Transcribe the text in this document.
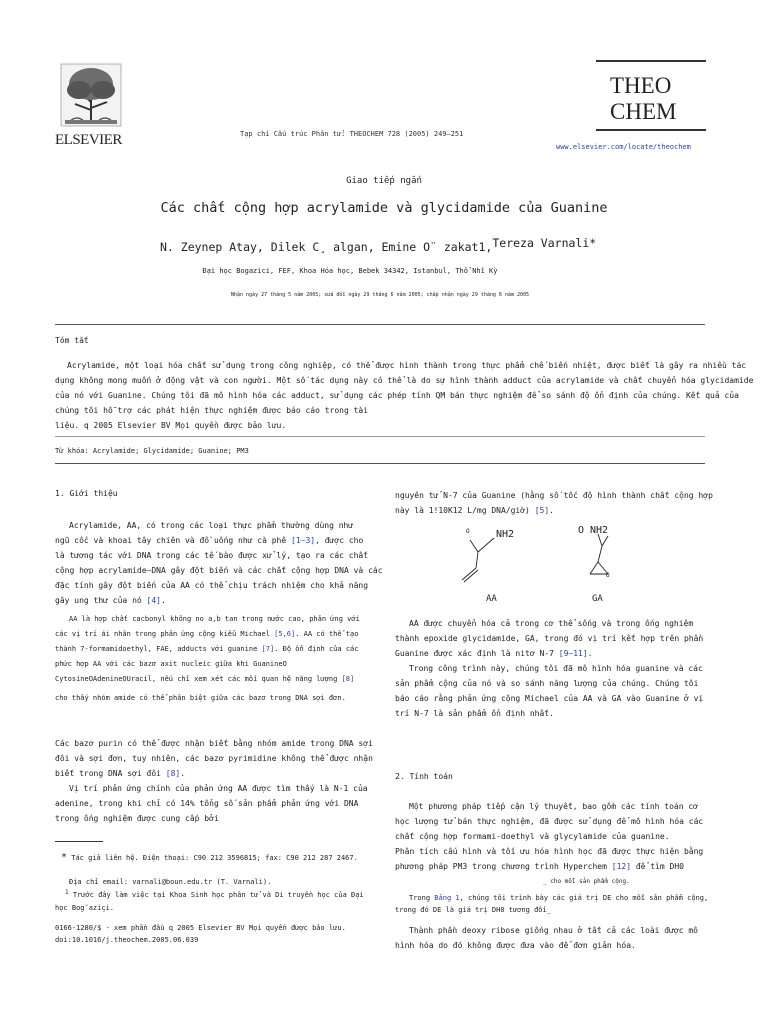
ELSEVIER	Tạp chí Cấu trúc Phân tử: THEOCHEM 728 (2005) 249–251
www.elsevier.com/locate/theochem
THEO
CHEM
Giao tiếp ngắn
Các chất cộng hợp acrylamide và glycidamide của Guanine
N. Zeynep Atay, Dilek C¸ algan, Emine O¨ zakat1,Tereza Varnali*
Đại học Bogazici, FEF, Khoa Hóa học, Bebek 34342, Istanbul, Thổ Nhĩ Kỳ
Nhận ngày 27 tháng 5 năm 2005; sửa đổi ngày 29 tháng 6 năm 2005; chấp nhận ngày 29 tháng 6 năm 2005
Tóm tắt
Acrylamide, một loại hóa chất sử dụng trong công nghiệp, có thể được hình thành trong thực phẩm chế biến nhiệt, được biết là gây ra nhiều tác
dụng không mong muốn ở động vật và con người. Một số tác dụng này có thể là do sự hình thành adduct của acrylamide và chất chuyển hóa glycidamide
của nó với Guanine. Chúng tôi đã mô hình hóa các adduct, sử dụng các phép tính QM bán thực nghiệm để so sánh độ ổn định của chúng. Kết quả của
chúng tôi hỗ trợ các phát hiện thực nghiệm được báo cáo trong tài
liệu. q 2005 Elsevier BV Mọi quyền được bảo lưu.
Từ khóa: Acrylamide; Glycidamide; Guanine; PM3
1. Giới thiệu
Acrylamide, AA, có trong các loại thực phẩm thường dùng như
ngũ cốc và khoai tây chiên và đồ uống như cà phê [1–3], được cho
là tương tác với DNA trong các tế bào được xử lý, tạo ra các chất
cộng hợp acrylamide–DNA gây đột biến và các chất cộng hợp DNA và các
đặc tính gây đột biến của AA có thể chịu trách nhiệm cho khả năng
gây ung thư của nó [4].
AA là hợp chất cacbonyl không no a,b tan trong nước cao, phản ứng với
các vị trí ái nhân trong phản ứng cộng kiểu Michael [5,6]. AA có thể tạo
thành 7-formamidoethyl, FAE, adducts với guanine [7]. Độ ổn định của các
phức hợp AA với các bazơ axit nucleic giữa khi GuanineO
CytosineOAdenineOUracil, nếu chỉ xem xét các mối quan hệ năng lượng [8]
cho thấy nhóm amide có thể phân biệt giữa các bazơ trong DNA sợi đơn.
Các bazơ purin có thể được nhận biết bằng nhóm amide trong DNA sợi
đôi và sợi đơn, tuy nhiên, các bazơ pyrimidine không thể được nhận
biết trong DNA sợi đôi [8].
Vị trí phản ứng chính của phản ứng AA được tìm thấy là N-1 của
adenine, trong khi chỉ có 14% tổng số sản phẩm phản ứng với DNA
trong ống nghiệm được cung cấp bởi
* Tác giả liên hệ. Điện thoại: C90 212 3596815; fax: C90 212 287 2467.
Địa chỉ email: varnali@boun.edu.tr (T. Varnali).
1 Trước đây làm việc tại Khoa Sinh học phân tử và Di truyền học của Đại
học Bog˘aziçi.
0166-1280/$ - xem phần đầu q 2005 Elsevier BV Mọi quyền được bảo lưu.
doi:10.1016/j.theochem.2005.06.039
nguyên tử N-7 của Guanine (hằng số tốc độ hình thành chất cộng hợp
này là 1!10K12 L/mg DNA/giờ) [5].
O	NH2	O NH2
O
AA	GA
AA được chuyển hóa cả trong cơ thể sống và trong ống nghiệm
thành epoxide glycidamide, GA, trong đó vị trí kết hợp trên phần
Guanine được xác định là nitơ N-7 [9–11].
Trong công trình này, chúng tôi đã mô hình hóa guanine và các
sản phẩm cộng của nó và so sánh năng lượng của chúng. Chúng tôi
báo cáo rằng phản ứng cộng Michael của AA và GA vào Guanine ở vị
trí N-7 là sản phẩm ổn định nhất.
2. Tính toán
Một phương pháp tiếp cận lý thuyết, bao gồm các tính toán cơ
học lượng tử bán thực nghiệm, đã được sử dụng để mô hình hóa các
chất cộng hợp formami-doethyl và glycylamide của guanine.
Phân tích cấu hình và tối ưu hóa hình học đã được thực hiện bằng
phương pháp PM3 trong chương trình Hyperchem [12] để tìm DH0
_ cho mỗi sản phẩm cộng.
Trong Bảng 1, chúng tôi trình bày các giá trị DE cho mỗi sản phẩm cộng,
trong đó DE là giá trị DH0 tương đối_
Thành phần deoxy ribose giống nhau ở tất cả các loài được mô
hình hóa do đó không được đưa vào để đơn giản hóa.
